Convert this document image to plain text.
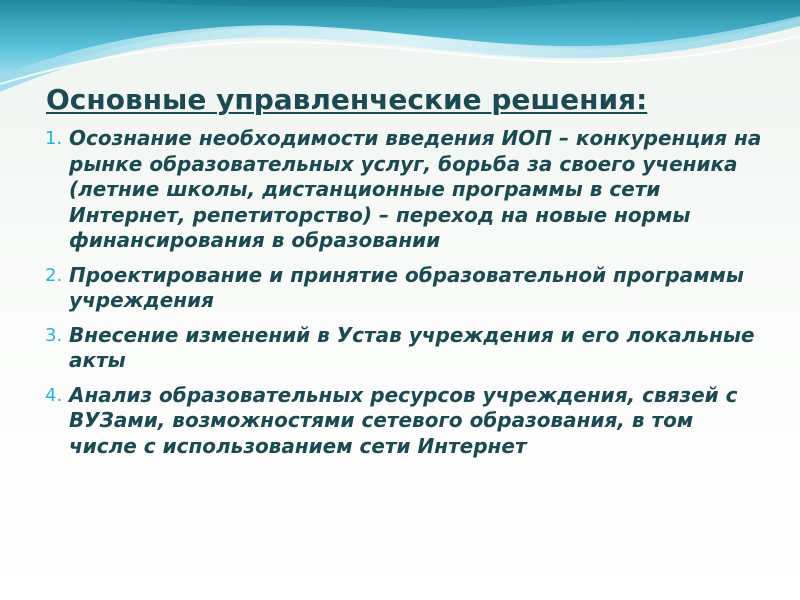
Основные управленческие решения:
1. Осознание необходимости введения ИОП – конкуренция на рынке образовательных услуг, борьба за своего ученика (летние школы, дистанционные программы в сети Интернет, репетиторство) – переход на новые нормы финансирования в образовании
2. Проектирование и принятие образовательной программы учреждения
3. Внесение изменений в Устав учреждения и его локальные акты
4. Анализ образовательных ресурсов учреждения, связей с ВУЗами, возможностями сетевого образования, в том числе с использованием сети Интернет
